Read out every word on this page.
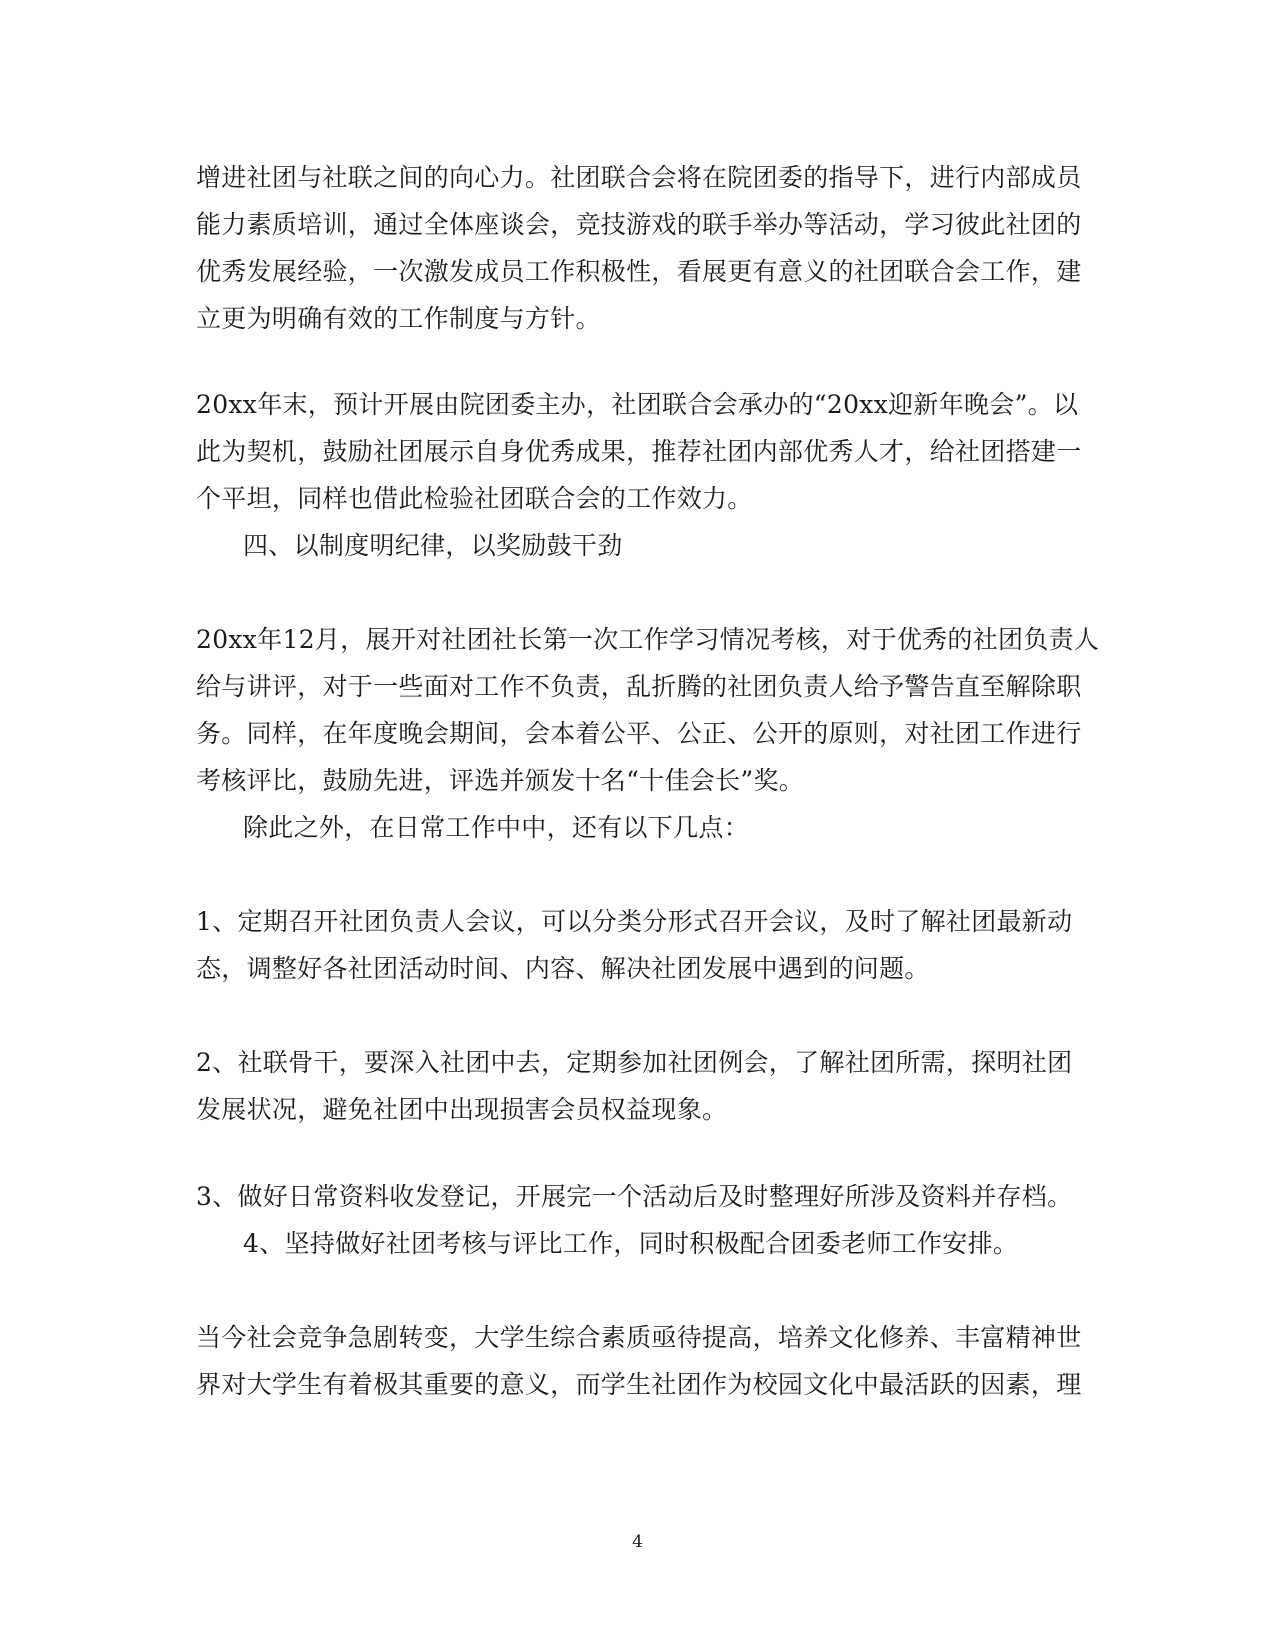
增进社团与社联之间的向心力。社团联合会将在院团委的指导下，进行内部成员
能力素质培训，通过全体座谈会，竞技游戏的联手举办等活动，学习彼此社团的
优秀发展经验，一次激发成员工作积极性，看展更有意义的社团联合会工作，建
立更为明确有效的工作制度与方针。
20xx年末，预计开展由院团委主办，社团联合会承办的“20xx迎新年晚会”。以
此为契机，鼓励社团展示自身优秀成果，推荐社团内部优秀人才，给社团搭建一
个平坦，同样也借此检验社团联合会的工作效力。
四、以制度明纪律，以奖励鼓干劲
20xx年12月，展开对社团社长第一次工作学习情况考核，对于优秀的社团负责人
给与讲评，对于一些面对工作不负责，乱折腾的社团负责人给予警告直至解除职
务。同样，在年度晚会期间，会本着公平、公正、公开的原则，对社团工作进行
考核评比，鼓励先进，评选并颁发十名“十佳会长”奖。
除此之外，在日常工作中中，还有以下几点：
1、定期召开社团负责人会议，可以分类分形式召开会议，及时了解社团最新动
态，调整好各社团活动时间、内容、解决社团发展中遇到的问题。
2、社联骨干，要深入社团中去，定期参加社团例会，了解社团所需，探明社团
发展状况，避免社团中出现损害会员权益现象。
3、做好日常资料收发登记，开展完一个活动后及时整理好所涉及资料并存档。
4、坚持做好社团考核与评比工作，同时积极配合团委老师工作安排。
当今社会竞争急剧转变，大学生综合素质亟待提高，培养文化修养、丰富精神世
界对大学生有着极其重要的意义，而学生社团作为校园文化中最活跃的因素，理
4
